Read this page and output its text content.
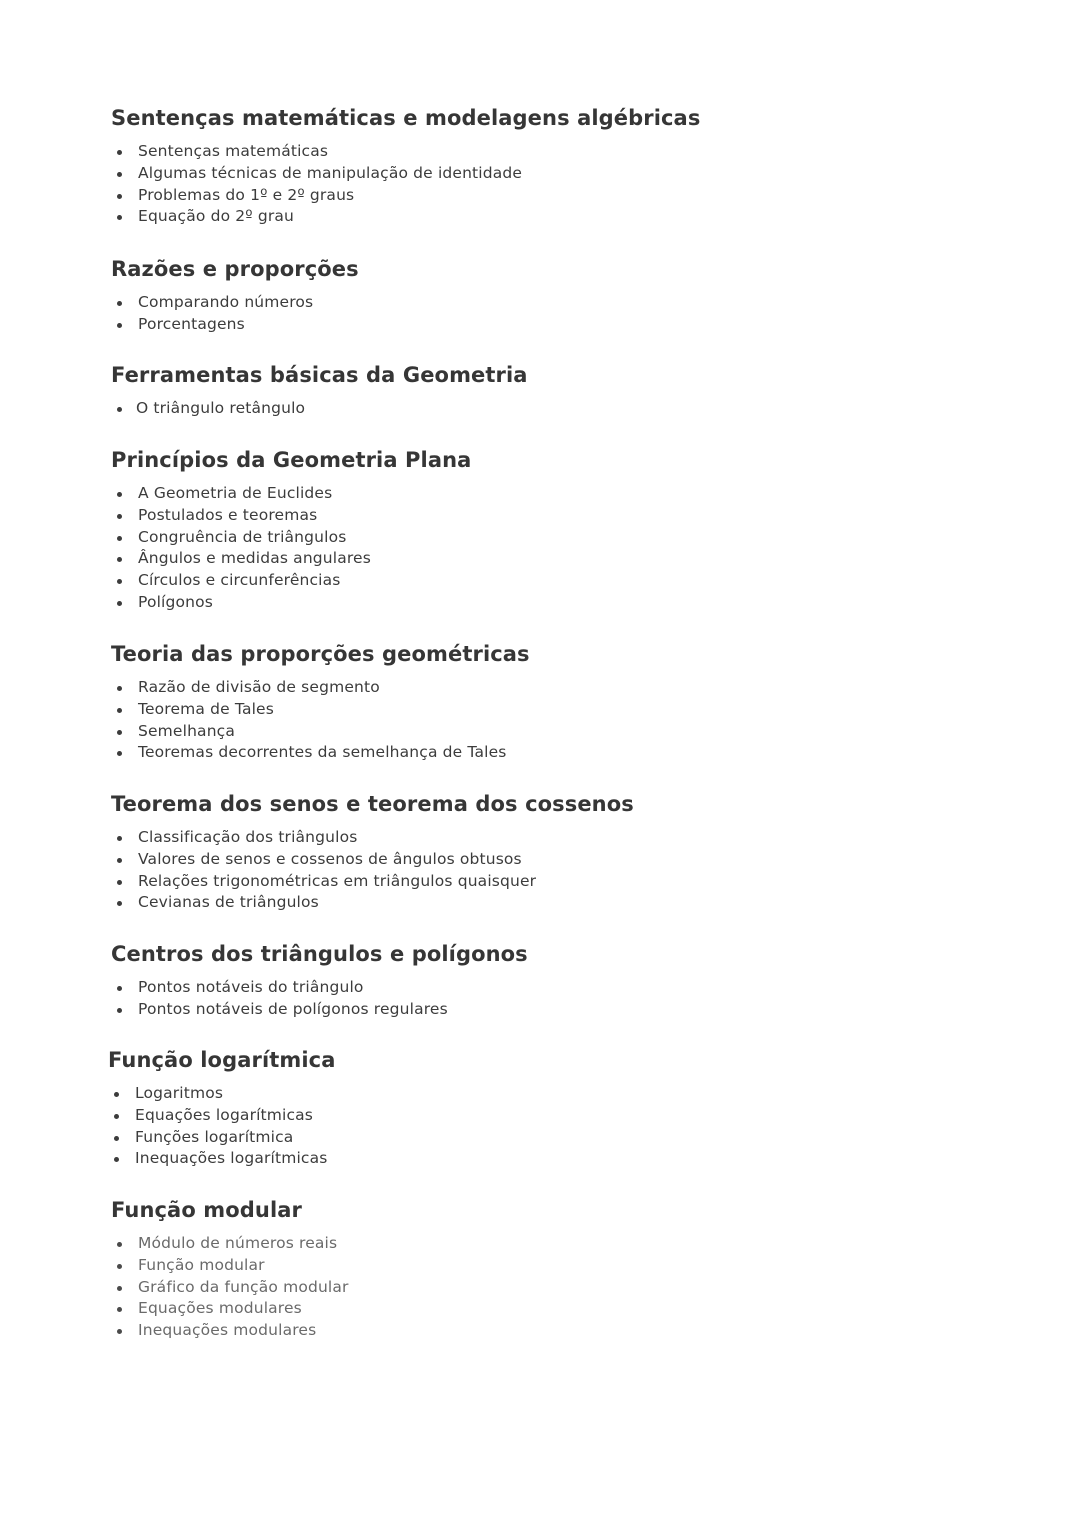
Sentenças matemáticas e modelagens algébricas
Sentenças matemáticas
Algumas técnicas de manipulação de identidade
Problemas do 1º e 2º graus
Equação do 2º grau
Razões e proporções
Comparando números
Porcentagens
Ferramentas básicas da Geometria
O triângulo retângulo
Princípios da Geometria Plana
A Geometria de Euclides
Postulados e teoremas
Congruência de triângulos
Ângulos e medidas angulares
Círculos e circunferências
Polígonos
Teoria das proporções geométricas
Razão de divisão de segmento
Teorema de Tales
Semelhança
Teoremas decorrentes da semelhança de Tales
Teorema dos senos e teorema dos cossenos
Classificação dos triângulos
Valores de senos e cossenos de ângulos obtusos
Relações trigonométricas em triângulos quaisquer
Cevianas de triângulos
Centros dos triângulos e polígonos
Pontos notáveis do triângulo
Pontos notáveis de polígonos regulares
Função logarítmica
Logaritmos
Equações logarítmicas
Funções logarítmica
Inequações logarítmicas
Função modular
Módulo de números reais
Função modular
Gráfico da função modular
Equações modulares
Inequações modulares
